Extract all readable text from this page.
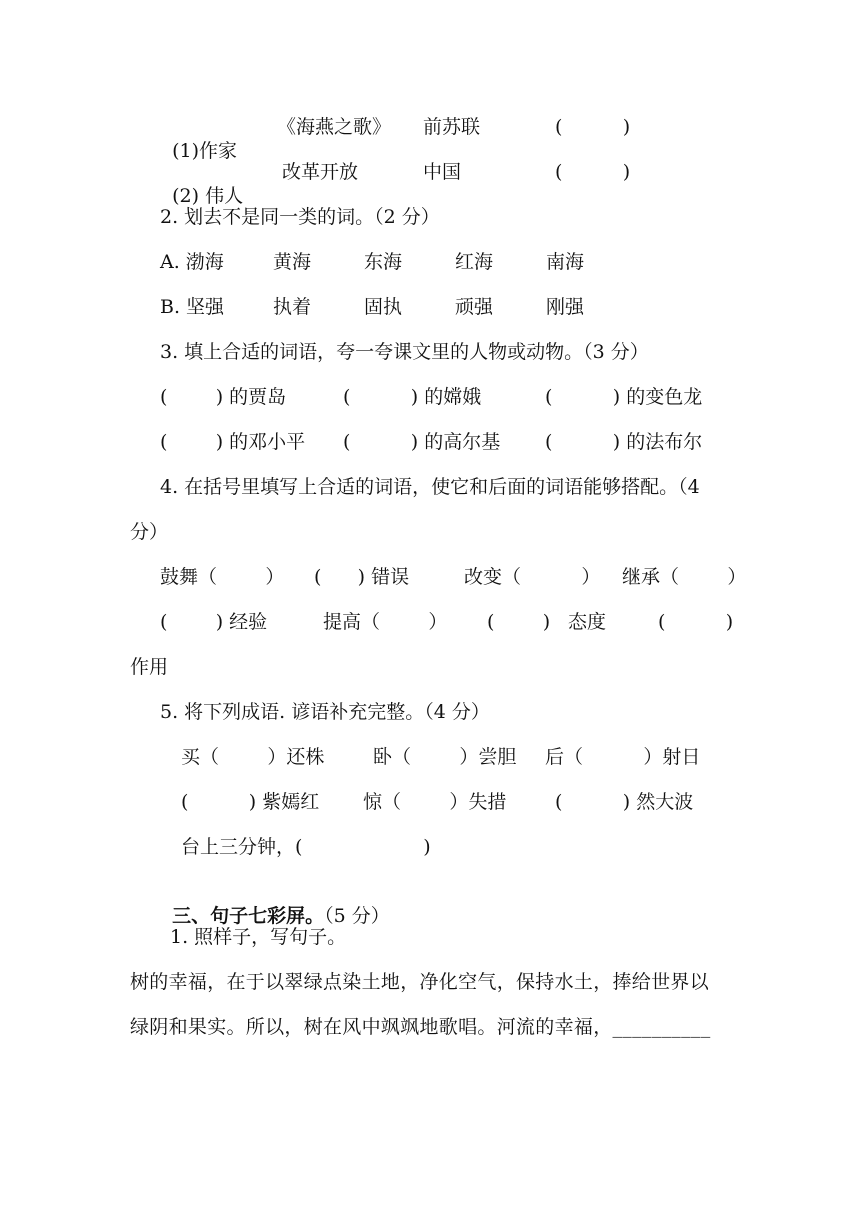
(1)作家

《海燕之歌》 前苏联	(          )

(2) 伟人

改革开放	中国	(          )
2. 划去不是同一类的词。（2 分）
A. 渤海	黄海	东海	红海	南海
B. 坚强	执着	固执	顽强	刚强
3. 填上合适的词语，夸一夸课文里的人物或动物。（3 分）
(        ) 的贾岛	(          ) 的嫦娥	(          ) 的变色龙
(        ) 的邓小平 (          ) 的高尔基 (          ) 的法布尔
4. 在括号里填写上合适的词语，使它和后面的词语能够搭配。（4
分）
鼓舞（        ） (      ) 错误	改变（          ） 继承（        ）
(        ) 经验	提高（        ） (        ) 态度	(          )
作用
5. 将下列成语. 谚语补充完整。（4 分）
买（        ）还株	卧（        ）尝胆 后（          ）射日
(          ) 紫嫣红 惊（        ）失措	(          ) 然大波
台上三分钟，(                    )

三、句子七彩屏。（5 分）

1. 照样子，写句子。
树的幸福，在于以翠绿点染土地，净化空气，保持水土，捧给世界以
绿阴和果实。所以，树在风中飒飒地歌唱。河流的幸福，__________
